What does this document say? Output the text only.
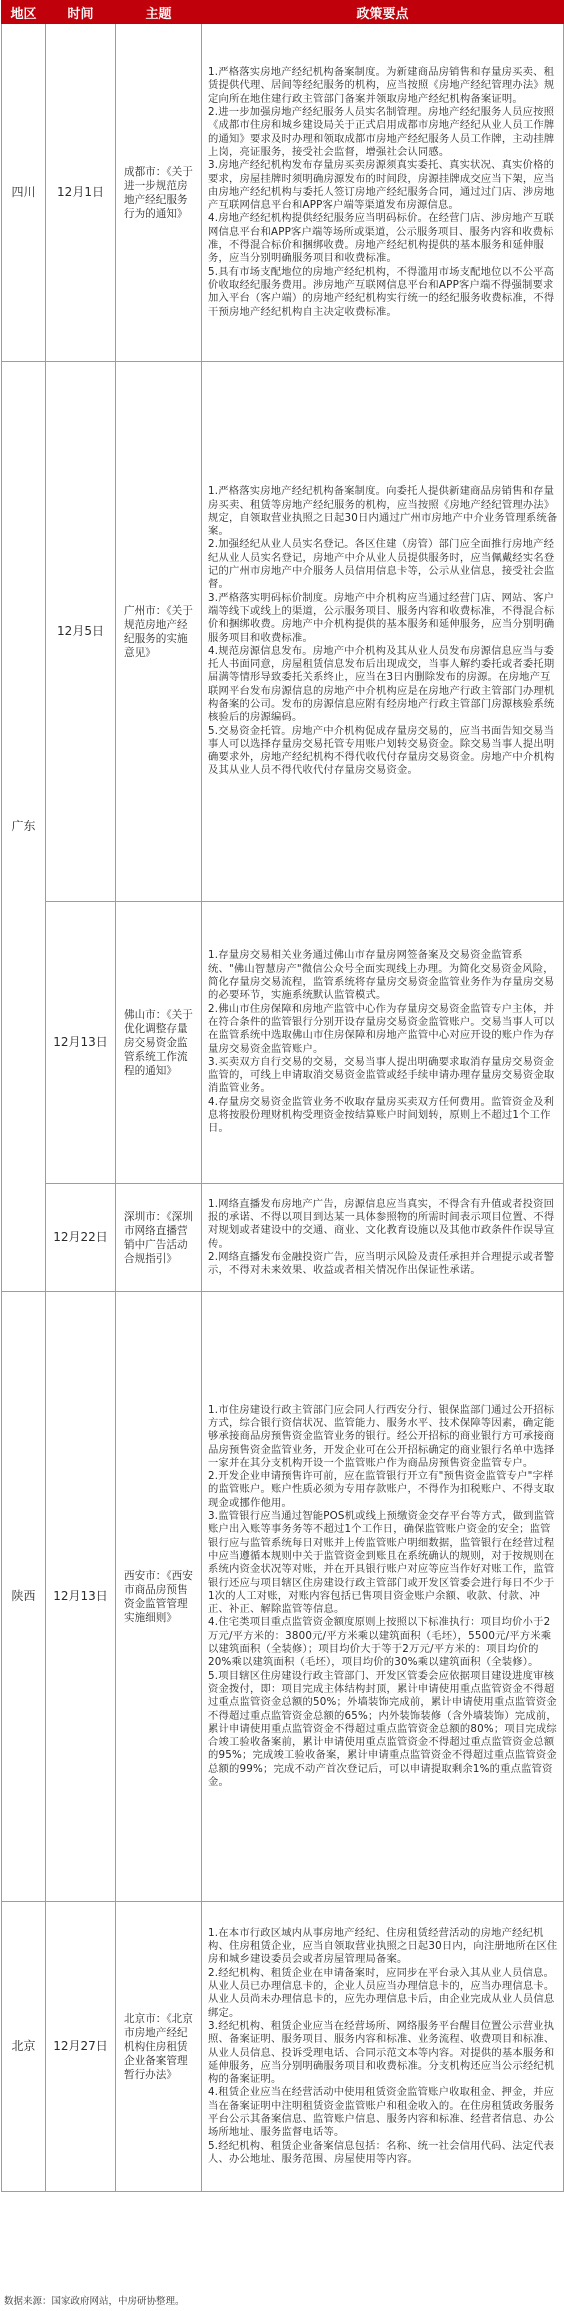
地区	时间	主题	政策要点
四川	12月1日	成都市：《关于进一步规范房地产经纪服务行为的通知》	1.严格落实房地产经纪机构备案制度。为新建商品房销售和存量房买卖、租赁提供代理、居间等经纪服务的机构，应当按照《房地产经纪管理办法》规定向所在地住建行政主管部门备案并领取房地产经纪机构备案证明。

2.进一步加强房地产经纪服务人员实名制管理。房地产经纪服务人员应按照《成都市住房和城乡建设局关于正式启用成都市房地产经纪从业人员工作牌的通知》要求及时办理和领取成都市房地产经纪服务人员工作牌，主动挂牌上岗，亮证服务，接受社会监督，增强社会认同感。

3.房地产经纪机构发布存量房买卖房源须真实委托、真实状况、真实价格的要求，房屋挂牌时须明确房源发布的时间段，房源挂牌成交应当下架，应当由房地产经纪机构与委托人签订房地产经纪服务合同，通过过门店、涉房地产互联网信息平台和APP客户端等渠道发布房源信息。

4.房地产经纪机构提供经纪服务应当明码标价。在经营门店、涉房地产互联网信息平台和APP客户端等场所或渠道，公示服务项目、服务内容和收费标准，不得混合标价和捆绑收费。房地产经纪机构提供的基本服务和延伸服务，应当分别明确服务项目和收费标准。

5.具有市场支配地位的房地产经纪机构，不得滥用市场支配地位以不公平高价收取经纪服务费用。涉房地产互联网信息平台和APP客户端不得强制要求加入平台（客户端）的房地产经纪机构实行统一的经纪服务收费标准，不得干预房地产经纪机构自主决定收费标准。

广东	12月5日	广州市：《关于规范房地产经纪服务的实施意见》	1.严格落实房地产经纪机构备案制度。向委托人提供新建商品房销售和存量房买卖、租赁等房地产经纪服务的机构，应当按照《房地产经纪管理办法》规定，自领取营业执照之日起30日内通过广州市房地产中介业务管理系统备案。

2.加强经纪从业人员实名登记。各区住建（房管）部门应全面推行房地产经纪从业人员实名登记，房地产中介从业人员提供服务时，应当佩戴经实名登记的广州市房地产中介服务人员信用信息卡等，公示从业信息，接受社会监督。

3.严格落实明码标价制度。房地产中介机构应当通过经营门店、网站、客户端等线下或线上的渠道，公示服务项目、服务内容和收费标准，不得混合标价和捆绑收费。房地产中介机构提供的基本服务和延伸服务，应当分别明确服务项目和收费标准。

4.规范房源信息发布。房地产中介机构及其从业人员发布房源信息应当与委托人书面同意，房屋租赁信息发布后出现成交，当事人解约委托或者委托期届满等情形导致委托关系终止，应当在3日内删除发布的房源。在房地产互联网平台发布房源信息的房地产中介机构应是在房地产行政主管部门办理机构备案的公司。发布的房源信息应附有经房地产行政主管部门房源核验系统核验后的房源编码。

5.交易资金托管。房地产中介机构促成存量房交易的，应当书面告知交易当事人可以选择存量房交易托管专用账户划转交易资金。除交易当事人提出明确要求外，房地产经纪机构不得代收代付存量房交易资金。房地产中介机构及其从业人员不得代收代付存量房交易资金。

	12月13日	佛山市：《关于优化调整存量房交易资金监管系统工作流程的通知》	1.存量房交易相关业务通过佛山市存量房网签备案及交易资金监管系统、"佛山智慧房产"微信公众号全面实现线上办理。为简化交易资金风险，简化存量房交易流程，监管系统将存量房交易资金监管业务作为存量房交易的必要环节，实施系统默认监管模式。

2.佛山市住房保障和房地产监管中心作为存量房交易资金监管专户主体，并在符合条件的监管银行分别开设存量房交易资金监管账户。交易当事人可以在监管系统中选取佛山市住房保障和房地产监管中心对应开设的账户作为存量房交易资金监管账户。

3.买卖双方自行交易的交易，交易当事人提出明确要求取消存量房交易资金监管的，可线上申请取消交易资金监管或经手续申请办理存量房交易资金取消监管业务。

4.存量房交易资金监管业务不收取存量房买卖双方任何费用。监管资金及利息将按股份理财机构受理资金按结算账户时间划转，原则上不超过1个工作日。

	12月22日	深圳市：《深圳市网络直播营销中广告活动合规指引》	1.网络直播发布房地产广告，房源信息应当真实，不得含有升值或者投资回报的承诺、不得以项目到达某一具体参照物的所需时间表示项目位置、不得对规划或者建设中的交通、商业、文化教育设施以及其他市政条件作误导宣传。

2.网络直播发布金融投资广告，应当明示风险及责任承担并合理提示或者警示，不得对未来效果、收益或者相关情况作出保证性承诺。

陕西	12月13日	西安市：《西安市商品房预售资金监管管理实施细则》	1.市住房建设行政主管部门应会同人行西安分行、银保监部门通过公开招标方式，综合银行资信状况、监管能力、服务水平、技术保障等因素，确定能够承接商品房预售资金监管业务的银行。经公开招标的商业银行方可承接商品房预售资金监管业务，开发企业可在公开招标确定的商业银行名单中选择一家并在其分支机构开设一个监管账户作为商品房预售资金监管专户。

2.开发企业申请预售许可前，应在监管银行开立有"预售资金监管专户"字样的监管账户。账户性质必须为专用存款账户，不得作为扣税账户、不得支取现金或挪作他用。

3.监管银行应当通过智能POS机或线上预缴资金交存平台等方式，做到监管账户出入账等事务务等不超过1个工作日，确保监管账户资金的安全；监管银行应与监管系统每日对账并上传监管账户明细数据，监管银行在经营过程中应当遵循本规则中关于监管资金到账且在系统确认的规则，对于按规则在系统内资金状况等对账，并在开具银行账户对应等应当作好对账工作，监管银行还应与项目辖区住房建设行政主管部门或开发区管委会进行每日不少于1次的人工对账，对账内容包括已售项目资金账户余额、收款、付款、冲正、补正、解除监管等信息。

4.住宅类项目重点监管资金额度原则上按照以下标准执行：项目均价小于2万元/平方米的：3800元/平方米乘以建筑面积（毛坯），5500元/平方米乘以建筑面积（全装修）；项目均价大于等于2万元/平方米的：项目均价的20%乘以建筑面积（毛坯），项目均价的30%乘以建筑面积（全装修）。

5.项目辖区住房建设行政主管部门、开发区管委会应依据项目建设进度审核资金拨付，即：项目完成主体结构封顶，累计申请使用重点监管资金不得超过重点监管资金总额的50%；外墙装饰完成前，累计申请使用重点监管资金不得超过重点监管资金总额的65%；内外装饰装修（含外墙装饰）完成前，累计申请使用重点监管资金不得超过重点监管资金总额的80%；项目完成综合竣工验收备案前，累计申请使用重点监管资金不得超过重点监管资金总额的95%；完成竣工验收备案，累计申请重点监管资金不得超过重点监管资金总额的99%；完成不动产首次登记后，可以申请提取剩余1%的重点监管资金。

北京	12月27日	北京市：《北京市房地产经纪机构住房租赁企业备案管理暂行办法》	1.在本市行政区域内从事房地产经纪、住房租赁经营活动的房地产经纪机构、住房租赁企业，应当自领取营业执照之日起30日内，向注册地所在区住房和城乡建设委员会或者房屋管理局备案。

2.经纪机构、租赁企业在申请备案时，应同步在平台录入其从业人员信息。从业人员已办理信息卡的，企业人员应当办理信息卡的，应当办理信息卡。从业人员尚未办理信息卡的，应先办理信息卡后，由企业完成从业人员信息绑定。

3.经纪机构、租赁企业应当在经营场所、网络服务平台醒目位置公示营业执照、备案证明、服务项目、服务内容和标准、业务流程、收费项目和标准、从业人员信息、投诉受理电话、合同示范文本等内容。对提供的基本服务和延伸服务，应当分别明确服务项目和收费标准。分支机构还应当公示经纪机构的备案证明。

4.租赁企业应当在经营活动中使用租赁资金监管账户收取租金、押金，并应当在备案证明中注明租赁资金监管账户和租金收入的。在住房租赁政务服务平台公示其备案信息、监管账户信息、服务内容和标准、经营者信息、办公场所地址、服务监督电话等。

5.经纪机构、租赁企业备案信息包括：名称、统一社会信用代码、法定代表人、办公地址、服务范围、房屋使用等内容。

数据来源：国家政府网站，中房研协整理。
